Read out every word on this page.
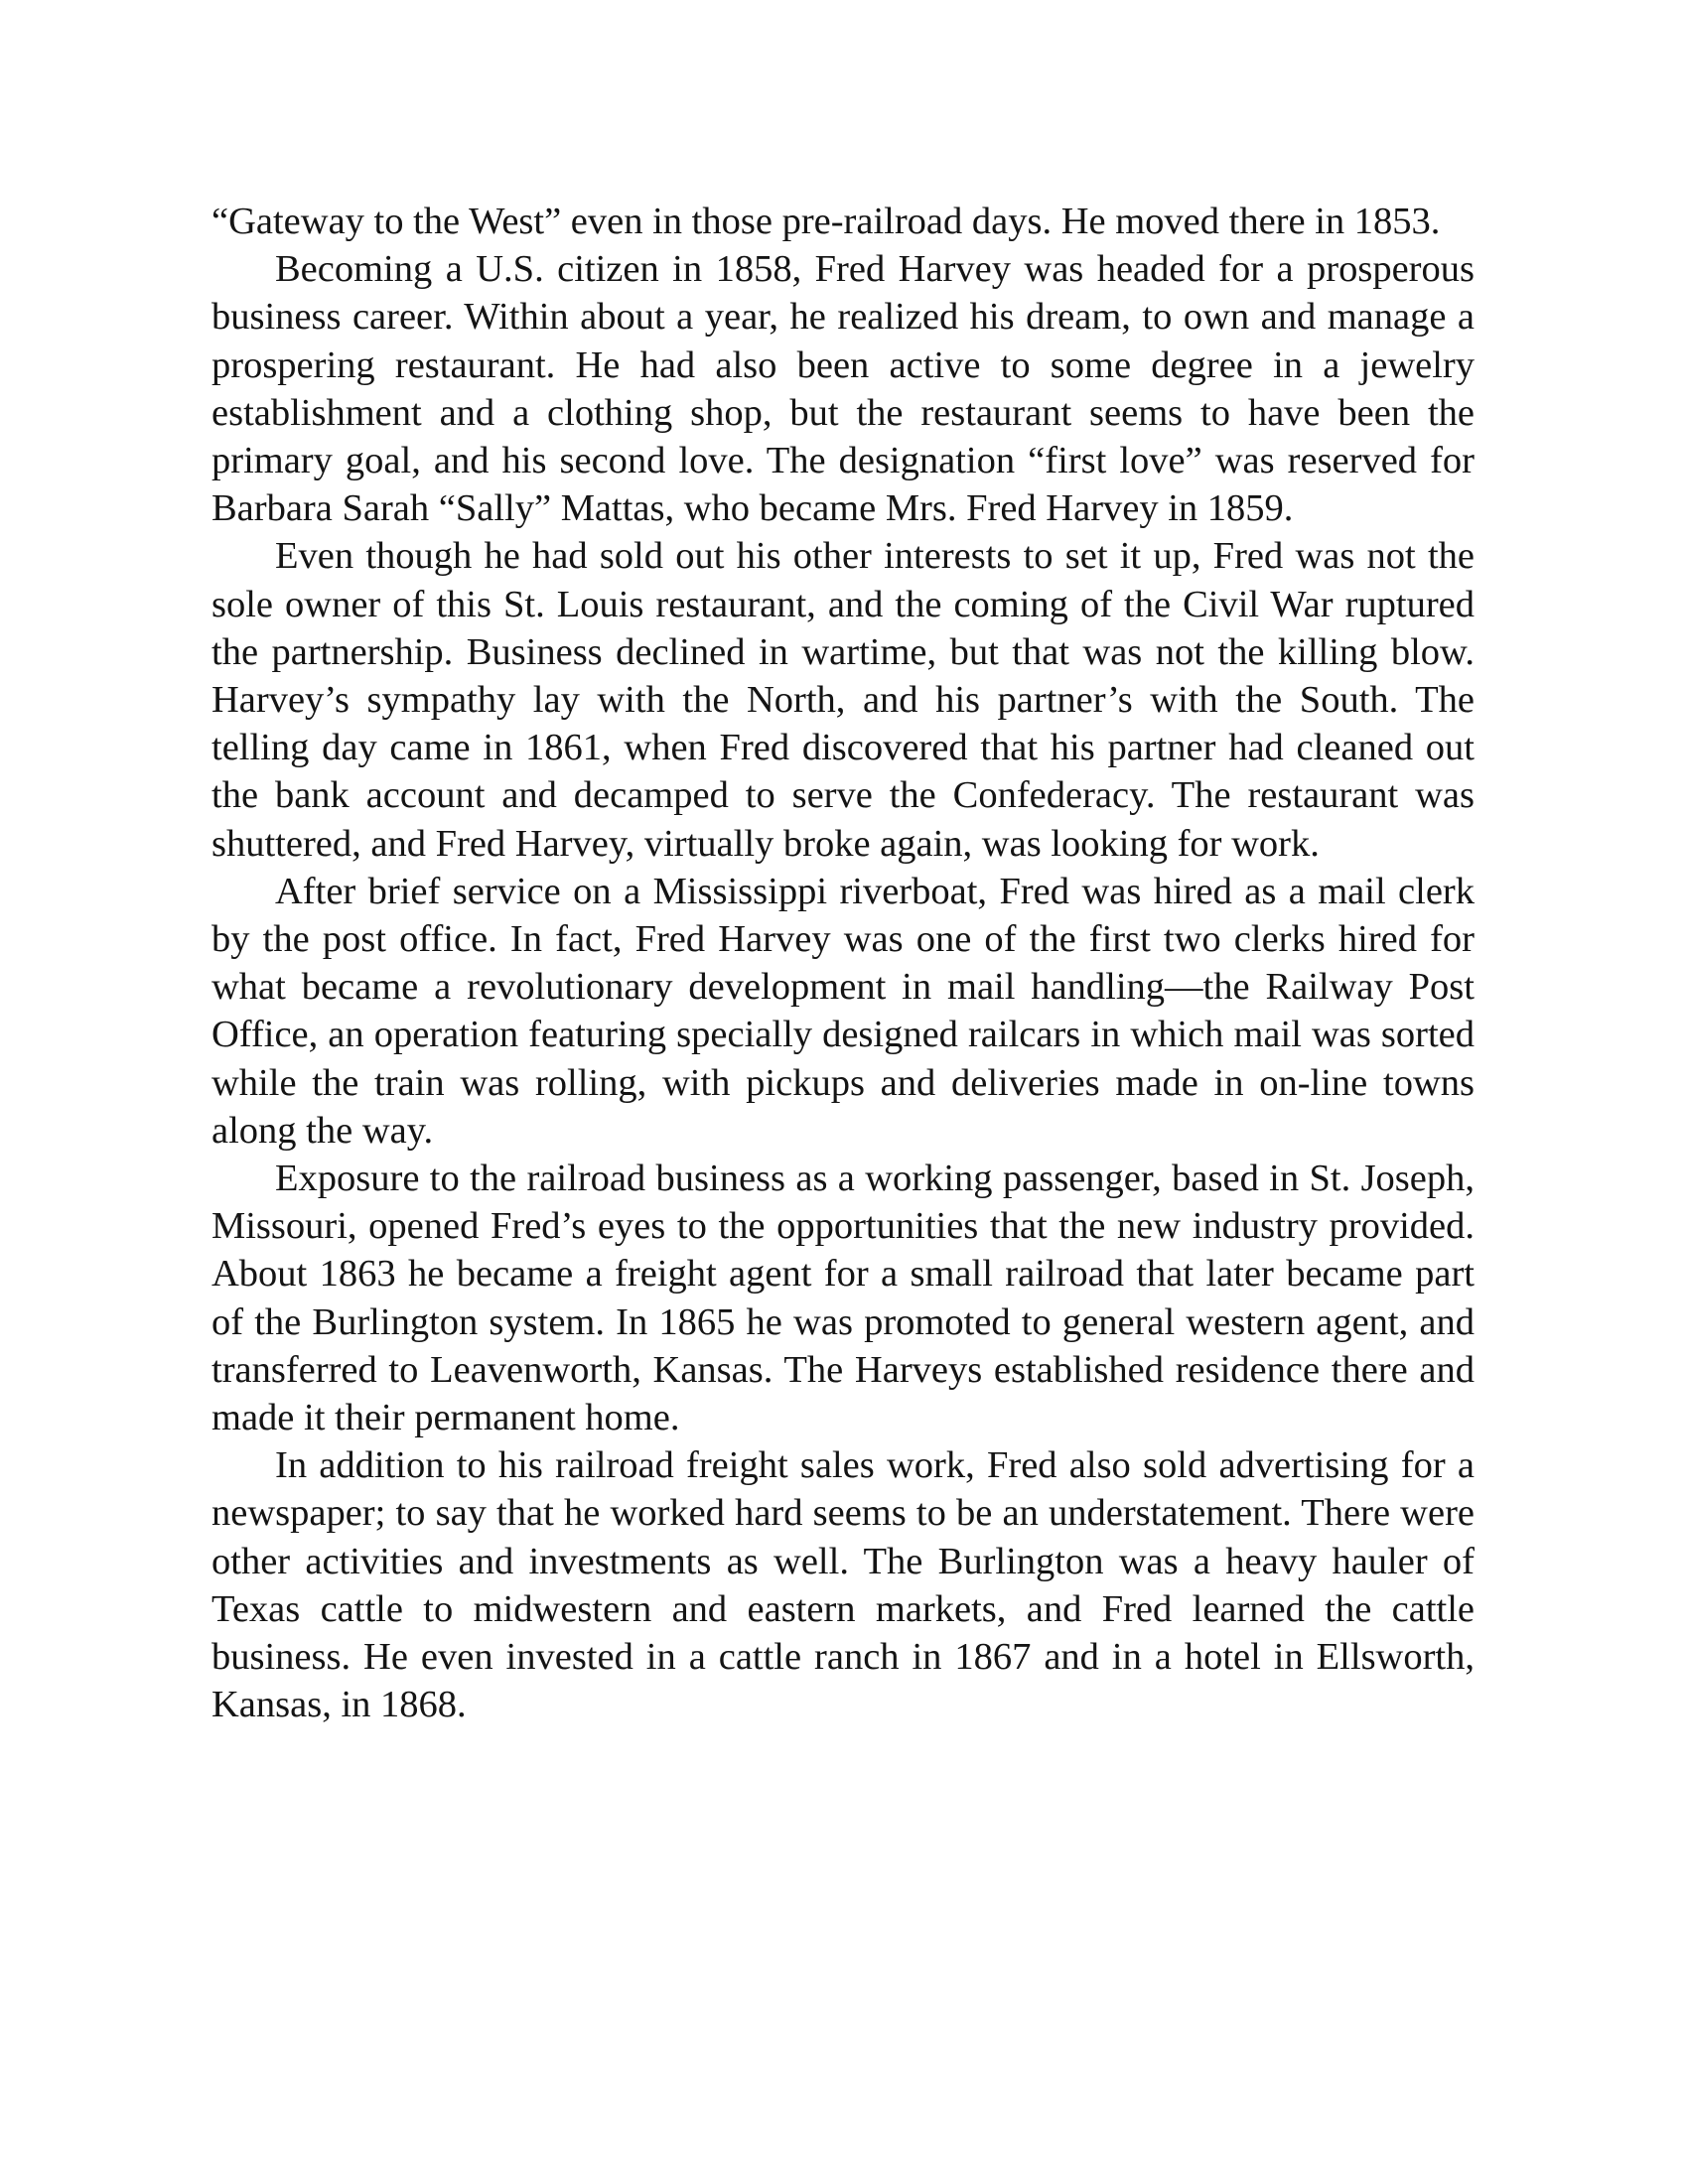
“Gateway to the West” even in those pre-railroad days. He moved there in 1853.

Becoming a U.S. citizen in 1858, Fred Harvey was headed for a prosperous business career. Within about a year, he realized his dream, to own and manage a prospering restaurant. He had also been active to some degree in a jewelry establishment and a clothing shop, but the restaurant seems to have been the primary goal, and his second love. The designation “first love” was reserved for Barbara Sarah “Sally” Mattas, who became Mrs. Fred Harvey in 1859.

Even though he had sold out his other interests to set it up, Fred was not the sole owner of this St. Louis restaurant, and the coming of the Civil War ruptured the partnership. Business declined in wartime, but that was not the killing blow. Harvey’s sympathy lay with the North, and his partner’s with the South. The telling day came in 1861, when Fred discovered that his partner had cleaned out the bank account and decamped to serve the Confederacy. The restaurant was shuttered, and Fred Harvey, virtually broke again, was looking for work.

After brief service on a Mississippi riverboat, Fred was hired as a mail clerk by the post office. In fact, Fred Harvey was one of the first two clerks hired for what became a revolutionary development in mail handling—the Railway Post Office, an operation featuring specially designed railcars in which mail was sorted while the train was rolling, with pickups and deliveries made in on-line towns along the way.

Exposure to the railroad business as a working passenger, based in St. Joseph, Missouri, opened Fred’s eyes to the opportunities that the new industry provided. About 1863 he became a freight agent for a small railroad that later became part of the Burlington system. In 1865 he was promoted to general western agent, and transferred to Leavenworth, Kansas. The Harveys established residence there and made it their permanent home.

In addition to his railroad freight sales work, Fred also sold advertising for a newspaper; to say that he worked hard seems to be an understatement. There were other activities and investments as well. The Burlington was a heavy hauler of Texas cattle to midwestern and eastern markets, and Fred learned the cattle business. He even invested in a cattle ranch in 1867 and in a hotel in Ellsworth, Kansas, in 1868.
